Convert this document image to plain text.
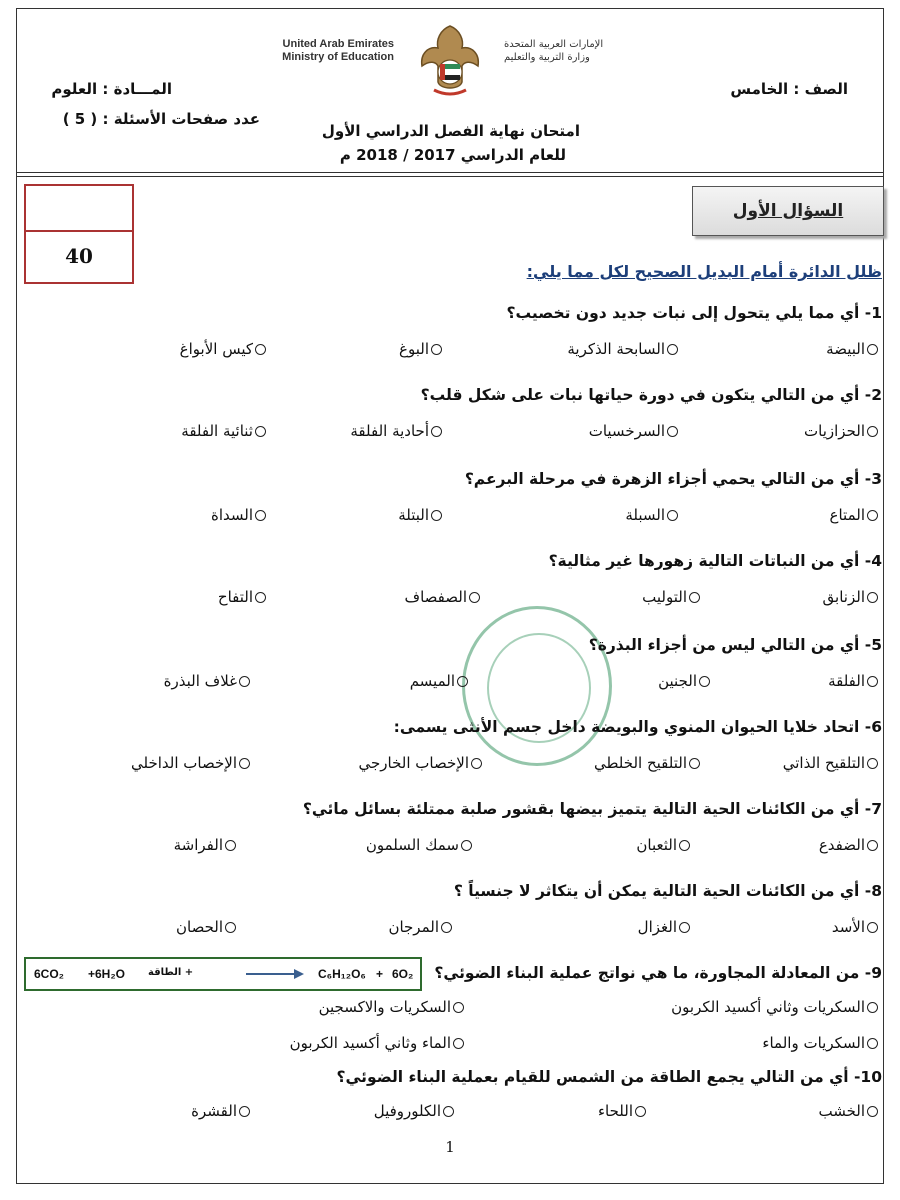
United Arab Emirates
Ministry of Education
الإمارات العربية المتحدة
وزارة التربية والتعليم
الصف : الخامس
المـــادة : العلوم
عدد صفحات الأسئلة : ( 5 )
امتحان نهاية الفصل الدراسي الأول
للعام الدراسي 2017 / 2018 م
40
السؤال الأول
ظلل الدائرة أمام البديل الصحيح لكل مما يلي:
1- أي مما يلي يتحول إلى نبات جديد دون تخصيب؟
البيضة
السابحة الذكرية
البوغ
كيس الأبواغ
2- أي من التالي يتكون في دورة حياتها نبات على شكل قلب؟
الحزازيات
السرخسيات
أحادية الفلقة
ثنائية الفلقة
3- أي من التالي يحمي أجزاء الزهرة في مرحلة البرعم؟
المتاع
السبلة
البتلة
السداة
4- أي من النباتات التالية زهورها غير مثالية؟
الزنابق
التوليب
الصفصاف
التفاح
5- أي من التالي ليس من أجزاء البذرة؟
الفلقة
الجنين
الميسم
غلاف البذرة
6- اتحاد خلايا الحيوان المنوي والبويضة داخل جسم الأنثى يسمى:
التلقيح الذاتي
التلقيح الخلطي
الإخصاب الخارجي
الإخصاب الداخلي
7- أي من الكائنات الحية التالية يتميز بيضها بقشور صلبة ممتلئة بسائل مائي؟
الضفدع
الثعبان
سمك السلمون
الفراشة
8- أي من الكائنات الحية التالية يمكن أن يتكاثر لا جنسياً ؟
الأسد
الغزال
المرجان
الحصان
9- من المعادلة المجاورة، ما هي نواتج عملية البناء الضوئي؟
6CO₂ +6H₂O + الطاقة	C₆H₁₂O₆ + 6O₂
السكريات وثاني أكسيد الكربون
السكريات والاكسجين
السكريات والماء
الماء وثاني أكسيد الكربون
10- أي من التالي يجمع الطاقة من الشمس للقيام بعملية البناء الضوئي؟
الخشب
اللحاء
الكلوروفيل
القشرة
1
